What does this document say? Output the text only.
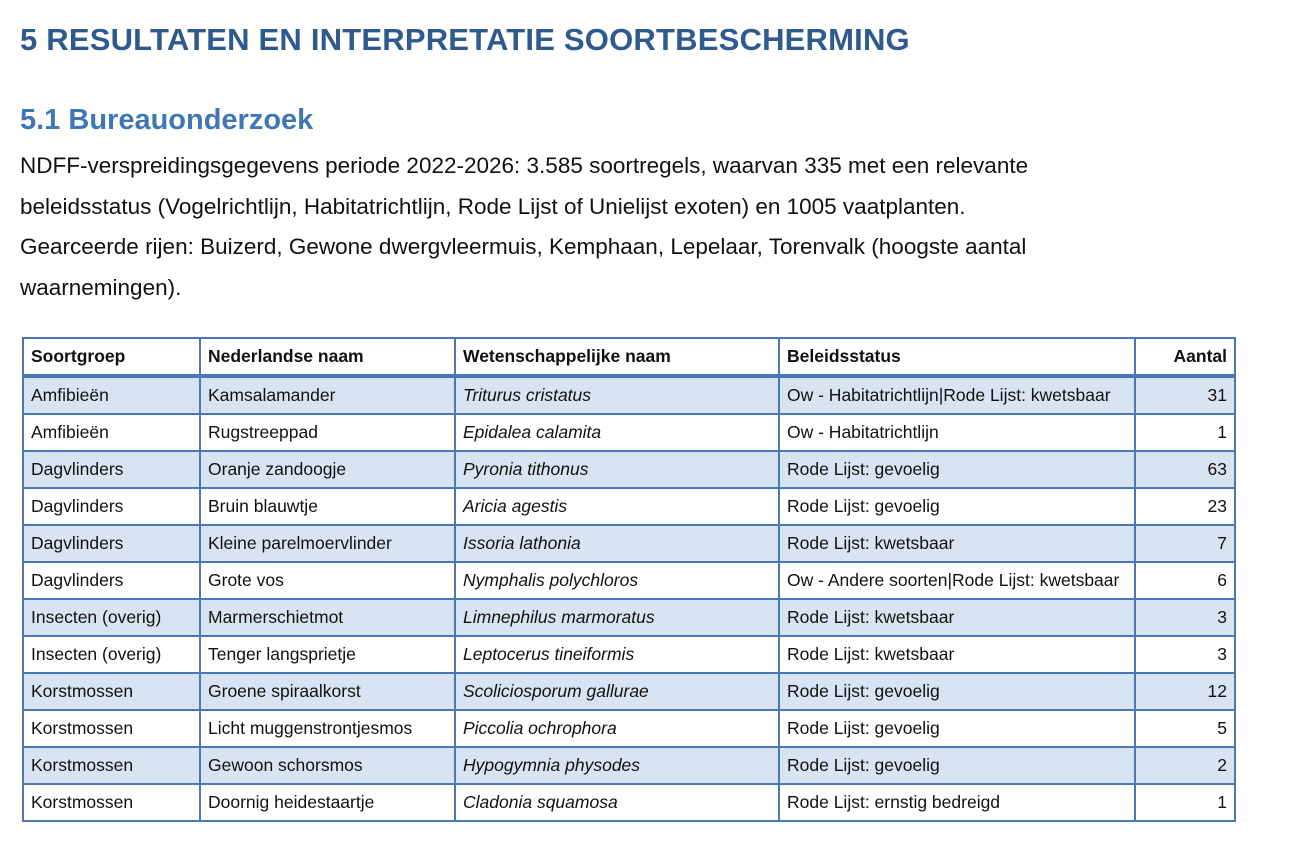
5 RESULTATEN EN INTERPRETATIE SOORTBESCHERMING
5.1 Bureauonderzoek

NDFF-verspreidingsgegevens periode 2022-2026: 3.585 soortregels, waarvan 335 met een relevante

beleidsstatus (Vogelrichtlijn, Habitatrichtlijn, Rode Lijst of Unielijst exoten) en 1005 vaatplanten.

Gearceerde rijen: Buizerd, Gewone dwergvleermuis, Kemphaan, Lepelaar, Torenvalk (hoogste aantal

waarnemingen).

Soortgroep	Nederlandse naam	Wetenschappelijke naam	Beleidsstatus	Aantal
Amfibieën	Kamsalamander	Triturus cristatus	Ow - Habitatrichtlijn|Rode Lijst: kwetsbaar	31
Amfibieën	Rugstreeppad	Epidalea calamita	Ow - Habitatrichtlijn	1
Dagvlinders	Oranje zandoogje	Pyronia tithonus	Rode Lijst: gevoelig	63
Dagvlinders	Bruin blauwtje	Aricia agestis	Rode Lijst: gevoelig	23
Dagvlinders	Kleine parelmoervlinder	Issoria lathonia	Rode Lijst: kwetsbaar	7
Dagvlinders	Grote vos	Nymphalis polychloros	Ow - Andere soorten|Rode Lijst: kwetsbaar	6
Insecten (overig)	Marmerschietmot	Limnephilus marmoratus	Rode Lijst: kwetsbaar	3
Insecten (overig)	Tenger langsprietje	Leptocerus tineiformis	Rode Lijst: kwetsbaar	3
Korstmossen	Groene spiraalkorst	Scoliciosporum gallurae	Rode Lijst: gevoelig	12
Korstmossen	Licht muggenstrontjesmos	Piccolia ochrophora	Rode Lijst: gevoelig	5
Korstmossen	Gewoon schorsmos	Hypogymnia physodes	Rode Lijst: gevoelig	2
Korstmossen	Doornig heidestaartje	Cladonia squamosa	Rode Lijst: ernstig bedreigd	1
